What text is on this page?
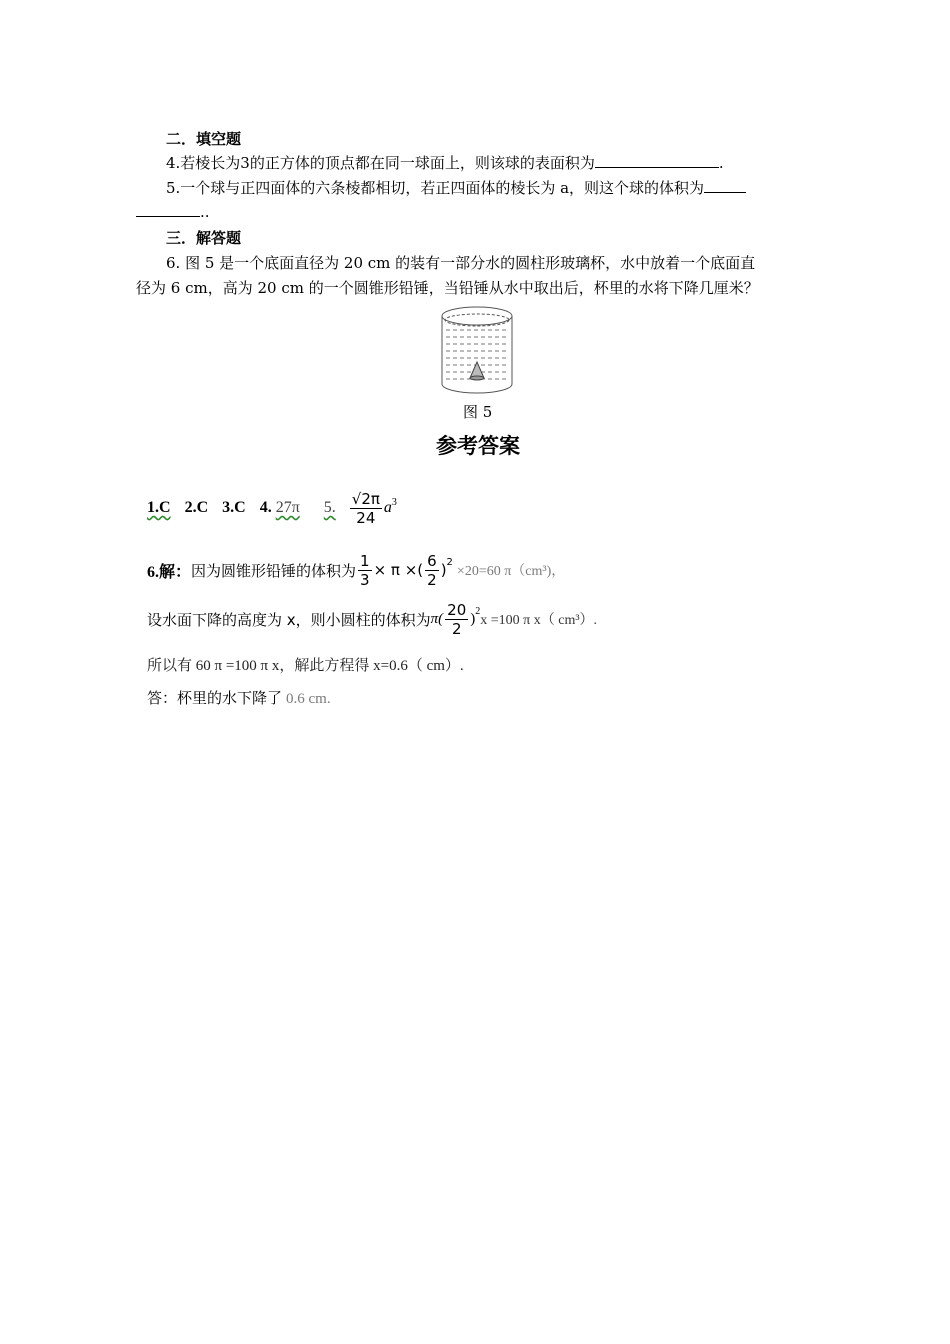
二．填空题
4.若棱长为3的正方体的顶点都在同一球面上，则该球的表面积为	.
5.一个球与正四面体的六条棱都相切，若正四面体的棱长为 a，则这个球的体积为
..
三．解答题
6. 图 5 是一个底面直径为 20 cm 的装有一部分水的圆柱形玻璃杯，水中放着一个底面直
径为 6 cm，高为 20 cm 的一个圆锥形铅锤，当铅锤从水中取出后，杯里的水将下降几厘米？
图 5
参考答案
1.C 2.C 3.C 4. 27π 5. $\frac{√2\pi}{24} a^3$
6.解： 因为圆锥形铅锤的体积为 $\frac{1}{3} \times \pi$ ×( $\frac{6}{2} )^2$
×20=60 π（cm³)，
设水面下降的高度为 x，则小圆柱的体积为 $\pi( \frac{20}{2} )^2$
x =100 π x（ cm³）.
所以有 60 π =100 π x，解此方程得 x=0.6（ cm）.
答：杯里的水下降了 0.6 cm.
